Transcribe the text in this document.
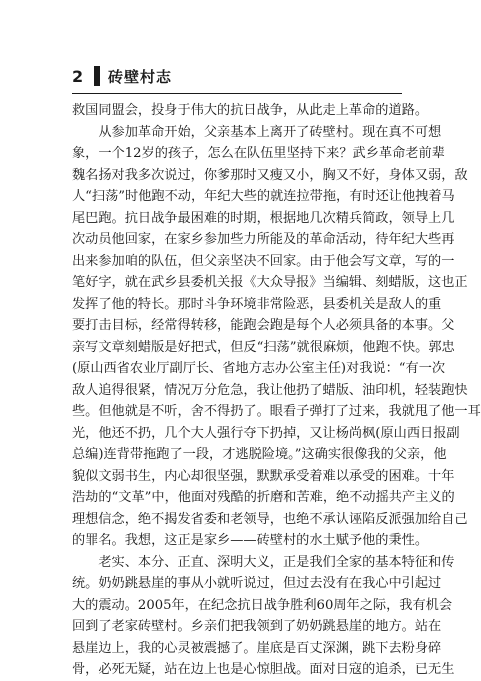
2	砖壁村志
救国同盟会，投身于伟大的抗日战争，从此走上革命的道路。
　　从参加革命开始，父亲基本上离开了砖壁村。现在真不可想
象，一个12岁的孩子，怎么在队伍里坚持下来？武乡革命老前辈
魏名扬对我多次说过，你爹那时又瘦又小，胸又不好，身体又弱，敌
人“扫荡”时他跑不动，年纪大些的就连拉带拖，有时还让他拽着马
尾巴跑。抗日战争最困难的时期，根据地几次精兵简政，领导上几
次动员他回家，在家乡参加些力所能及的革命活动，待年纪大些再
出来参加咱的队伍，但父亲坚决不回家。由于他会写文章，写的一
笔好字，就在武乡县委机关报《大众导报》当编辑、刻蜡版，这也正
发挥了他的特长。那时斗争环境非常险恶，县委机关是敌人的重
要打击目标，经常得转移，能跑会跑是每个人必须具备的本事。父
亲写文章刻蜡版是好把式，但反“扫荡”就很麻烦，他跑不快。郭忠
(原山西省农业厅副厅长、省地方志办公室主任)对我说：“有一次
敌人追得很紧，情况万分危急，我让他扔了蜡版、油印机，轻装跑快
些。但他就是不听，舍不得扔了。眼看子弹打了过来，我就甩了他一耳
光，他还不扔，几个大人强行夺下扔掉，又让杨尚枫(原山西日报副
总编)连背带拖跑了一段，才逃脱险境。”这确实很像我的父亲，他
貌似文弱书生，内心却很坚强，默默承受着难以承受的困难。十年
浩劫的“文革”中，他面对残酷的折磨和苦难，绝不动摇共产主义的
理想信念，绝不揭发省委和老领导，也绝不承认诬陷反派强加给自己
的罪名。我想，这正是家乡——砖壁村的水土赋予他的秉性。
　　老实、本分、正直、深明大义，正是我们全家的基本特征和传
统。奶奶跳悬崖的事从小就听说过，但过去没有在我心中引起过
大的震动。2005年，在纪念抗日战争胜利60周年之际，我有机会
回到了老家砖壁村。乡亲们把我领到了奶奶跳悬崖的地方。站在
悬崖边上，我的心灵被震撼了。崖底是百丈深渊，跳下去粉身碎
骨，必死无疑，站在边上也是心惊胆战。面对日寇的追杀，已无生
